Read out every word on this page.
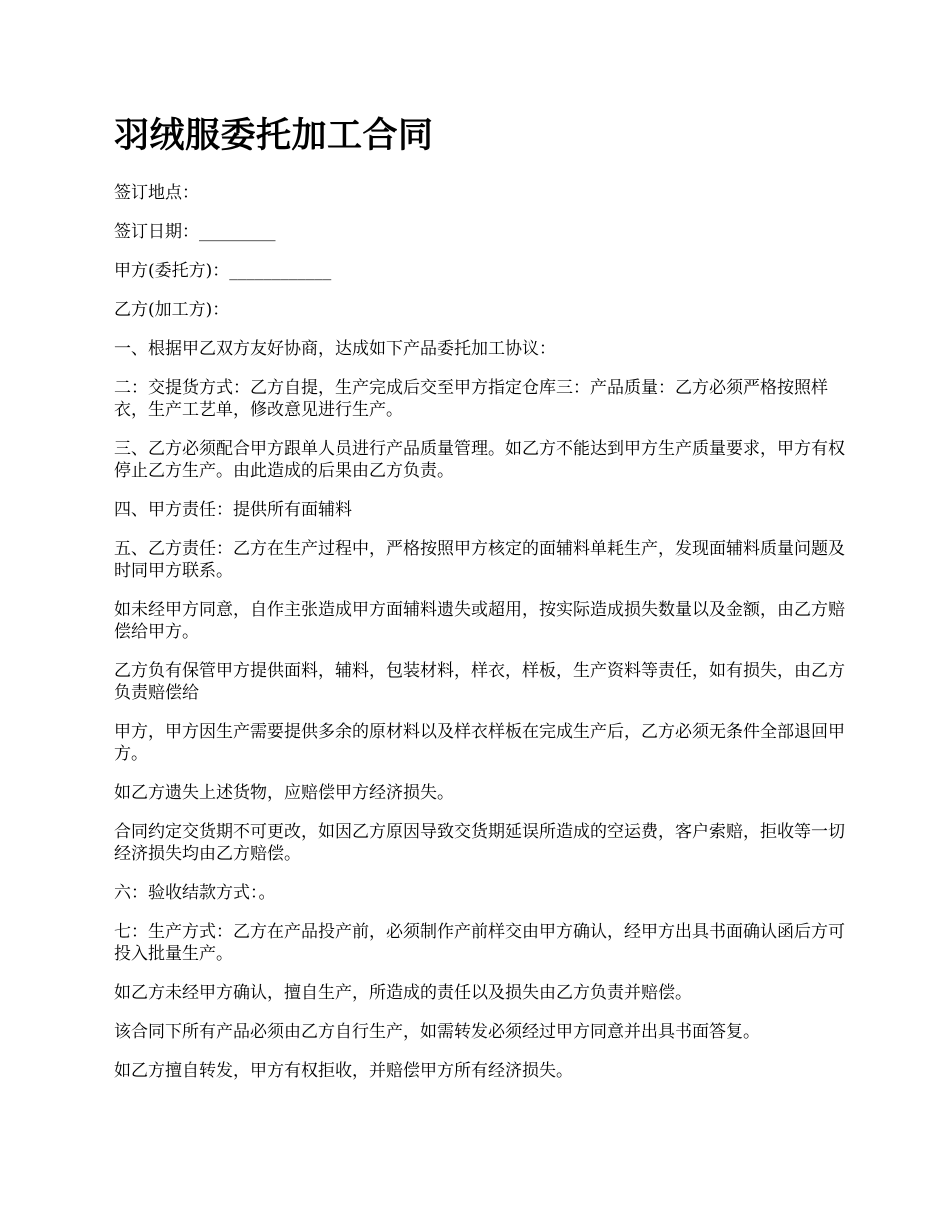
羽绒服委托加工合同

签订地点：

签订日期：_________

甲方(委托方)：____________

乙方(加工方)：

一、根据甲乙双方友好协商，达成如下产品委托加工协议：

二：交提货方式：乙方自提，生产完成后交至甲方指定仓库三：产品质量：乙方必须严格按照样衣，生产工艺单，修改意见进行生产。

三、乙方必须配合甲方跟单人员进行产品质量管理。如乙方不能达到甲方生产质量要求，甲方有权停止乙方生产。由此造成的后果由乙方负责。

四、甲方责任：提供所有面辅料

五、乙方责任：乙方在生产过程中，严格按照甲方核定的面辅料单耗生产，发现面辅料质量问题及时同甲方联系。

如未经甲方同意，自作主张造成甲方面辅料遗失或超用，按实际造成损失数量以及金额，由乙方赔偿给甲方。

乙方负有保管甲方提供面料，辅料，包装材料，样衣，样板，生产资料等责任，如有损失，由乙方负责赔偿给

甲方，甲方因生产需要提供多余的原材料以及样衣样板在完成生产后，乙方必须无条件全部退回甲方。

如乙方遗失上述货物，应赔偿甲方经济损失。

合同约定交货期不可更改，如因乙方原因导致交货期延误所造成的空运费，客户索赔，拒收等一切经济损失均由乙方赔偿。

六：验收结款方式：。

七：生产方式：乙方在产品投产前，必须制作产前样交由甲方确认，经甲方出具书面确认函后方可投入批量生产。

如乙方未经甲方确认，擅自生产，所造成的责任以及损失由乙方负责并赔偿。

该合同下所有产品必须由乙方自行生产，如需转发必须经过甲方同意并出具书面答复。

如乙方擅自转发，甲方有权拒收，并赔偿甲方所有经济损失。
